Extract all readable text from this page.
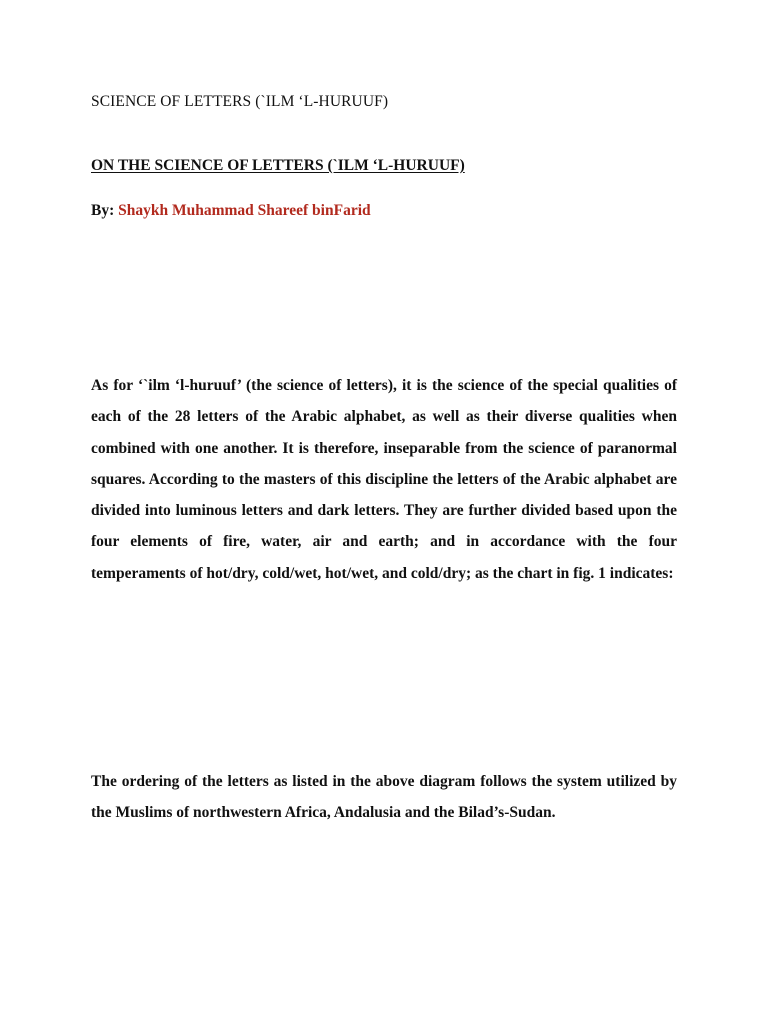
SCIENCE OF LETTERS (`ILM ‘L-HURUUF)
ON THE SCIENCE OF LETTERS (`ILM ‘L-HURUUF)

By: Shaykh Muhammad Shareef binFarid

As for ‘`ilm ‘l-huruuf’ (the science of letters), it is the science of the special qualities of each of the 28 letters of the Arabic alphabet, as well as their diverse qualities when combined with one another. It is therefore, inseparable from the science of paranormal squares. According to the masters of this discipline the letters of the Arabic alphabet are divided into luminous letters and dark letters. They are further divided based upon the four elements of fire, water, air and earth; and in accordance with the four temperaments of hot/dry, cold/wet, hot/wet, and cold/dry; as the chart in fig. 1 indicates:

The ordering of the letters as listed in the above diagram follows the system utilized by the Muslims of northwestern Africa, Andalusia and the Bilad’s-Sudan.
